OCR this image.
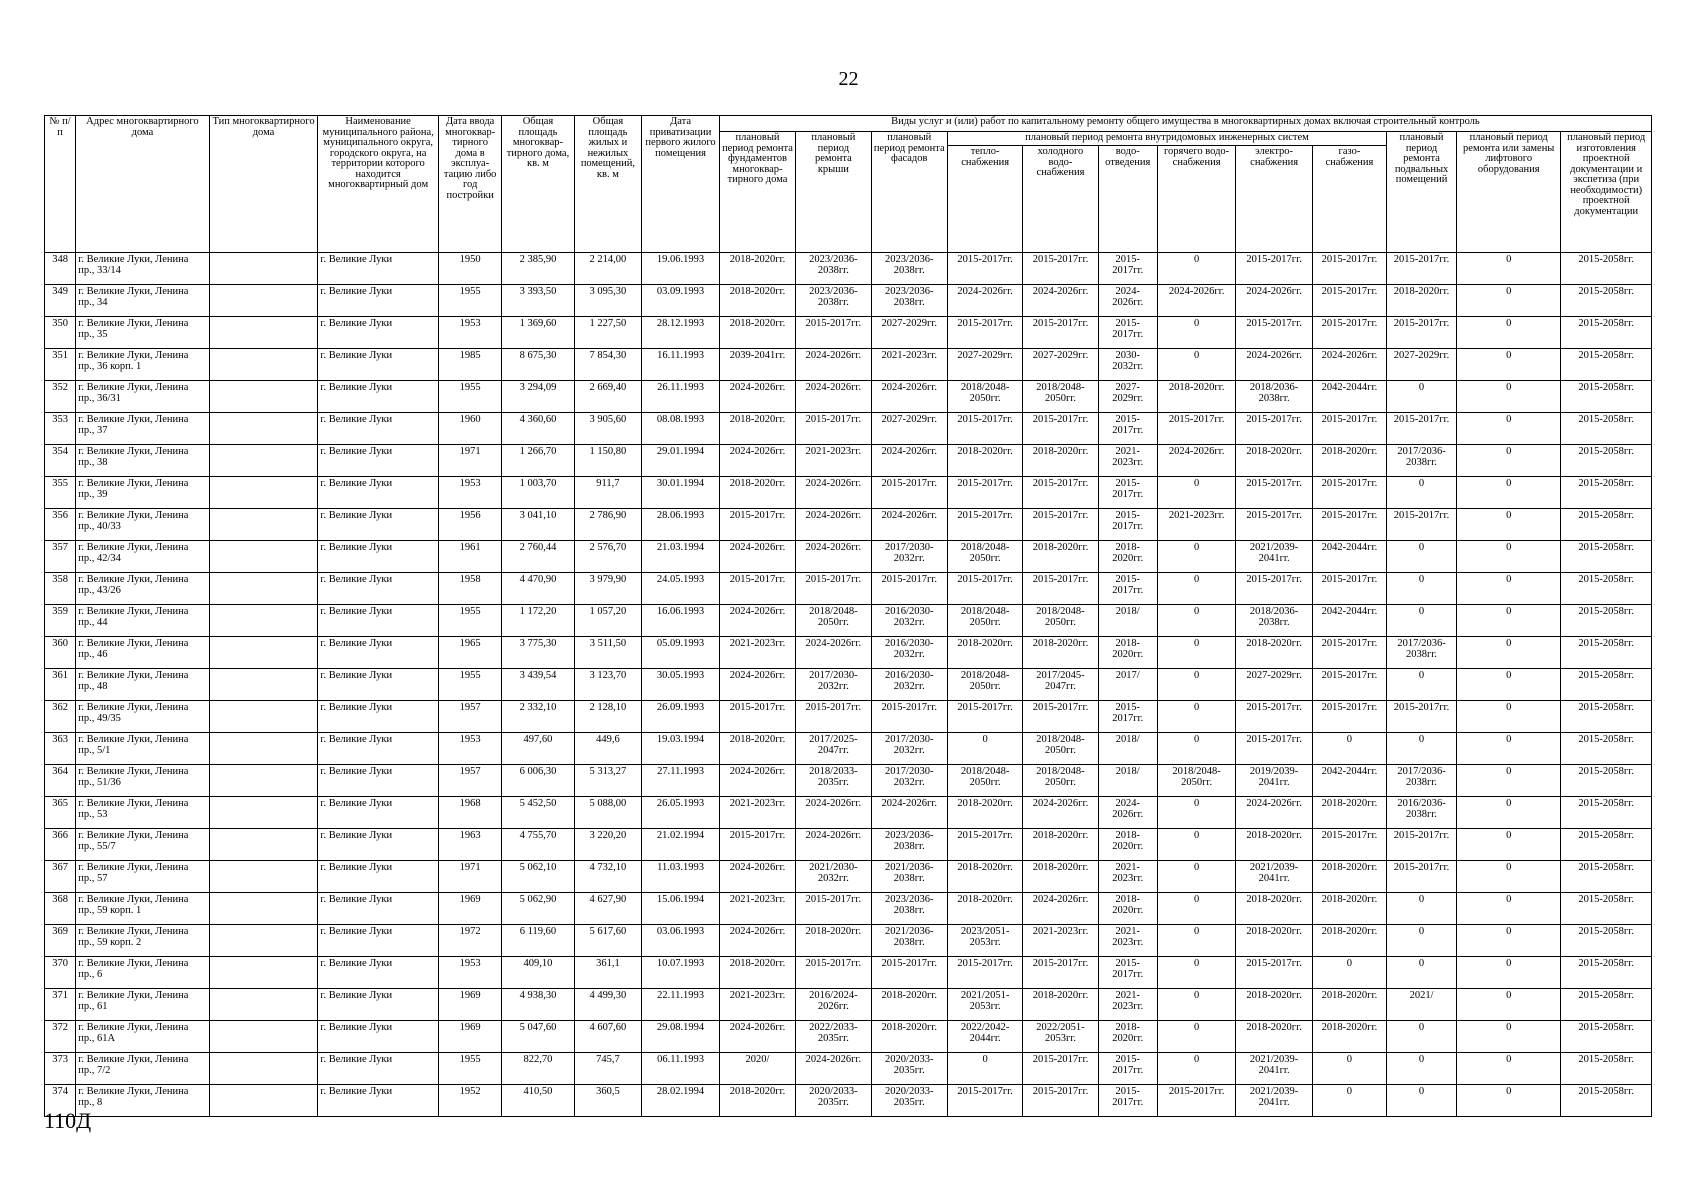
22
№ п/п	Адрес многоквартирного дома	Тип многоквартирного дома	Наименование муниципального района, муниципального округа, городского округа, на территории которого находится многоквартирный дом	Дата ввода многоквар-тирного дома в эксплуа-тацию либо год постройки	Общая площадь многоквар-тирного дома, кв. м	Общая площадь жилых и нежилых помещений, кв. м	Дата приватизации первого жилого помещения	Виды услуг и (или) работ по капитальному ремонту общего имущества в многоквартирных домах включая строительный контроль											
								плановый период ремонта фундаментов многоквар-тирного дома	плановый период ремонта крыши	плановый период ремонта фасадов	плановый период ремонта внутридомовых инженерных систем						плановый период ремонта подвальных помещений	плановый период ремонта или замены лифтового оборудования	плановый период изготовления проектной документации и экспетиза (при необходимости) проектной документации
											тепло-снабжения	холодного водо-снабжения	водо-отведения	горячего водо-снабжения	электро-снабжения	газо-снабжения			
348	г. Великие Луки, Ленина пр., 33/14		г. Великие Луки	1950	2 385,90	2 214,00	19.06.1993	2018-2020гг.	2023/2036-2038гг.	2023/2036-2038гг.	2015-2017гг.	2015-2017гг.	2015-2017гг.	0	2015-2017гг.	2015-2017гг.	2015-2017гг.	0	2015-2058гг.
349	г. Великие Луки, Ленина пр., 34		г. Великие Луки	1955	3 393,50	3 095,30	03.09.1993	2018-2020гг.	2023/2036-2038гг.	2023/2036-2038гг.	2024-2026гг.	2024-2026гг.	2024-2026гг.	2024-2026гг.	2024-2026гг.	2015-2017гг.	2018-2020гг.	0	2015-2058гг.
350	г. Великие Луки, Ленина пр., 35		г. Великие Луки	1953	1 369,60	1 227,50	28.12.1993	2018-2020гг.	2015-2017гг.	2027-2029гг.	2015-2017гг.	2015-2017гг.	2015-2017гг.	0	2015-2017гг.	2015-2017гг.	2015-2017гг.	0	2015-2058гг.
351	г. Великие Луки, Ленина пр., 36 корп. 1		г. Великие Луки	1985	8 675,30	7 854,30	16.11.1993	2039-2041гг.	2024-2026гг.	2021-2023гг.	2027-2029гг.	2027-2029гг.	2030-2032гг.	0	2024-2026гг.	2024-2026гг.	2027-2029гг.	0	2015-2058гг.
352	г. Великие Луки, Ленина пр., 36/31		г. Великие Луки	1955	3 294,09	2 669,40	26.11.1993	2024-2026гг.	2024-2026гг.	2024-2026гг.	2018/2048-2050гг.	2018/2048-2050гг.	2027-2029гг.	2018-2020гг.	2018/2036-2038гг.	2042-2044гг.	0	0	2015-2058гг.
353	г. Великие Луки, Ленина пр., 37		г. Великие Луки	1960	4 360,60	3 905,60	08.08.1993	2018-2020гг.	2015-2017гг.	2027-2029гг.	2015-2017гг.	2015-2017гг.	2015-2017гг.	2015-2017гг.	2015-2017гг.	2015-2017гг.	2015-2017гг.	0	2015-2058гг.
354	г. Великие Луки, Ленина пр., 38		г. Великие Луки	1971	1 266,70	1 150,80	29.01.1994	2024-2026гг.	2021-2023гг.	2024-2026гг.	2018-2020гг.	2018-2020гг.	2021-2023гг.	2024-2026гг.	2018-2020гг.	2018-2020гг.	2017/2036-2038гг.	0	2015-2058гг.
355	г. Великие Луки, Ленина пр., 39		г. Великие Луки	1953	1 003,70	911,7	30.01.1994	2018-2020гг.	2024-2026гг.	2015-2017гг.	2015-2017гг.	2015-2017гг.	2015-2017гг.	0	2015-2017гг.	2015-2017гг.	0	0	2015-2058гг.
356	г. Великие Луки, Ленина пр., 40/33		г. Великие Луки	1956	3 041,10	2 786,90	28.06.1993	2015-2017гг.	2024-2026гг.	2024-2026гг.	2015-2017гг.	2015-2017гг.	2015-2017гг.	2021-2023гг.	2015-2017гг.	2015-2017гг.	2015-2017гг.	0	2015-2058гг.
357	г. Великие Луки, Ленина пр., 42/34		г. Великие Луки	1961	2 760,44	2 576,70	21.03.1994	2024-2026гг.	2024-2026гг.	2017/2030-2032гг.	2018/2048-2050гг.	2018-2020гг.	2018-2020гг.	0	2021/2039-2041гг.	2042-2044гг.	0	0	2015-2058гг.
358	г. Великие Луки, Ленина пр., 43/26		г. Великие Луки	1958	4 470,90	3 979,90	24.05.1993	2015-2017гг.	2015-2017гг.	2015-2017гг.	2015-2017гг.	2015-2017гг.	2015-2017гг.	0	2015-2017гг.	2015-2017гг.	0	0	2015-2058гг.
359	г. Великие Луки, Ленина пр., 44		г. Великие Луки	1955	1 172,20	1 057,20	16.06.1993	2024-2026гг.	2018/2048-2050гг.	2016/2030-2032гг.	2018/2048-2050гг.	2018/2048-2050гг.	2018/	0	2018/2036-2038гг.	2042-2044гг.	0	0	2015-2058гг.
360	г. Великие Луки, Ленина пр., 46		г. Великие Луки	1965	3 775,30	3 511,50	05.09.1993	2021-2023гг.	2024-2026гг.	2016/2030-2032гг.	2018-2020гг.	2018-2020гг.	2018-2020гг.	0	2018-2020гг.	2015-2017гг.	2017/2036-2038гг.	0	2015-2058гг.
361	г. Великие Луки, Ленина пр., 48		г. Великие Луки	1955	3 439,54	3 123,70	30.05.1993	2024-2026гг.	2017/2030-2032гг.	2016/2030-2032гг.	2018/2048-2050гг.	2017/2045-2047гг.	2017/	0	2027-2029гг.	2015-2017гг.	0	0	2015-2058гг.
362	г. Великие Луки, Ленина пр., 49/35		г. Великие Луки	1957	2 332,10	2 128,10	26.09.1993	2015-2017гг.	2015-2017гг.	2015-2017гг.	2015-2017гг.	2015-2017гг.	2015-2017гг.	0	2015-2017гг.	2015-2017гг.	2015-2017гг.	0	2015-2058гг.
363	г. Великие Луки, Ленина пр., 5/1		г. Великие Луки	1953	497,60	449,6	19.03.1994	2018-2020гг.	2017/2025-2047гг.	2017/2030-2032гг.	0	2018/2048-2050гг.	2018/	0	2015-2017гг.	0	0	0	2015-2058гг.
364	г. Великие Луки, Ленина пр., 51/36		г. Великие Луки	1957	6 006,30	5 313,27	27.11.1993	2024-2026гг.	2018/2033-2035гг.	2017/2030-2032гг.	2018/2048-2050гг.	2018/2048-2050гг.	2018/	2018/2048-2050гг.	2019/2039-2041гг.	2042-2044гг.	2017/2036-2038гг.	0	2015-2058гг.
365	г. Великие Луки, Ленина пр., 53		г. Великие Луки	1968	5 452,50	5 088,00	26.05.1993	2021-2023гг.	2024-2026гг.	2024-2026гг.	2018-2020гг.	2024-2026гг.	2024-2026гг.	0	2024-2026гг.	2018-2020гг.	2016/2036-2038гг.	0	2015-2058гг.
366	г. Великие Луки, Ленина пр., 55/7		г. Великие Луки	1963	4 755,70	3 220,20	21.02.1994	2015-2017гг.	2024-2026гг.	2023/2036-2038гг.	2015-2017гг.	2018-2020гг.	2018-2020гг.	0	2018-2020гг.	2015-2017гг.	2015-2017гг.	0	2015-2058гг.
367	г. Великие Луки, Ленина пр., 57		г. Великие Луки	1971	5 062,10	4 732,10	11.03.1993	2024-2026гг.	2021/2030-2032гг.	2021/2036-2038гг.	2018-2020гг.	2018-2020гг.	2021-2023гг.	0	2021/2039-2041гг.	2018-2020гг.	2015-2017гг.	0	2015-2058гг.
368	г. Великие Луки, Ленина пр., 59 корп. 1		г. Великие Луки	1969	5 062,90	4 627,90	15.06.1994	2021-2023гг.	2015-2017гг.	2023/2036-2038гг.	2018-2020гг.	2024-2026гг.	2018-2020гг.	0	2018-2020гг.	2018-2020гг.	0	0	2015-2058гг.
369	г. Великие Луки, Ленина пр., 59 корп. 2		г. Великие Луки	1972	6 119,60	5 617,60	03.06.1993	2024-2026гг.	2018-2020гг.	2021/2036-2038гг.	2023/2051-2053гг.	2021-2023гг.	2021-2023гг.	0	2018-2020гг.	2018-2020гг.	0	0	2015-2058гг.
370	г. Великие Луки, Ленина пр., 6		г. Великие Луки	1953	409,10	361,1	10.07.1993	2018-2020гг.	2015-2017гг.	2015-2017гг.	2015-2017гг.	2015-2017гг.	2015-2017гг.	0	2015-2017гг.	0	0	0	2015-2058гг.
371	г. Великие Луки, Ленина пр., 61		г. Великие Луки	1969	4 938,30	4 499,30	22.11.1993	2021-2023гг.	2016/2024-2026гг.	2018-2020гг.	2021/2051-2053гг.	2018-2020гг.	2021-2023гг.	0	2018-2020гг.	2018-2020гг.	2021/	0	2015-2058гг.
372	г. Великие Луки, Ленина пр., 61А		г. Великие Луки	1969	5 047,60	4 607,60	29.08.1994	2024-2026гг.	2022/2033-2035гг.	2018-2020гг.	2022/2042-2044гг.	2022/2051-2053гг.	2018-2020гг.	0	2018-2020гг.	2018-2020гг.	0	0	2015-2058гг.
373	г. Великие Луки, Ленина пр., 7/2		г. Великие Луки	1955	822,70	745,7	06.11.1993	2020/	2024-2026гг.	2020/2033-2035гг.	0	2015-2017гг.	2015-2017гг.	0	2021/2039-2041гг.	0	0	0	2015-2058гг.
374	г. Великие Луки, Ленина пр., 8		г. Великие Луки	1952	410,50	360,5	28.02.1994	2018-2020гг.	2020/2033-2035гг.	2020/2033-2035гг.	2015-2017гг.	2015-2017гг.	2015-2017гг.	2015-2017гг.	2021/2039-2041гг.	0	0	0	2015-2058гг.
110Д
